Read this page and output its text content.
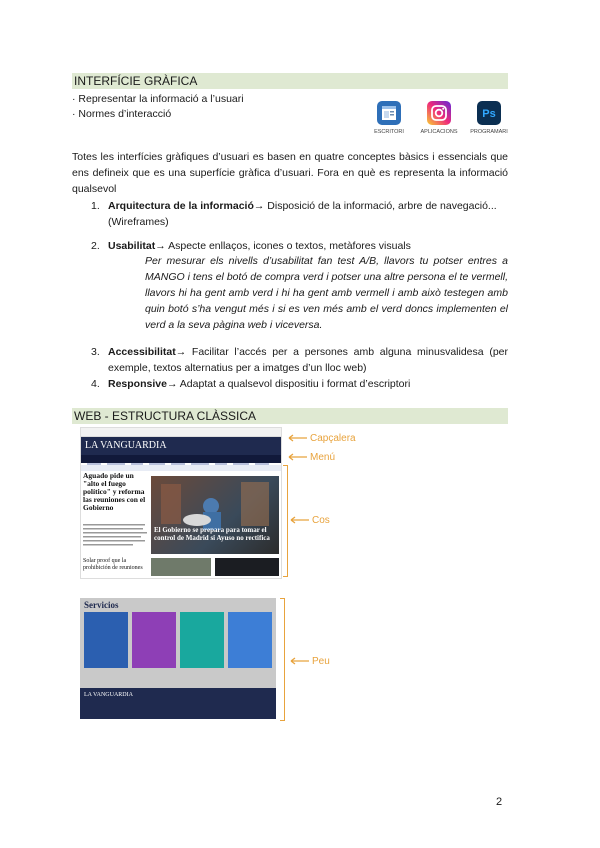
INTERFÍCIE GRÀFICA
· Representar la informació a l’usuari
· Normes d’interacció
ESCRITORI	APLICACIONS
Ps
PROGRAMARI
Totes les interfícies gràfiques d’usuari es basen en quatre conceptes bàsics i essencials que ens defineix que es una superfície gràfica d’usuari. Fora en què es representa la informació qualsevol
1. Arquitectura de la informació→ Disposició de la informació, arbre de navegació... (Wireframes)
2. Usabilitat→ Aspecte enllaços, icones o textos, metàfores visuals
Per mesurar els nivells d’usabilitat fan test A/B, llavors tu potser entres a MANGO i tens el botó de compra verd i potser una altre persona el te vermell, llavors hi ha gent amb verd i hi ha gent amb vermell i amb això testegen amb quin botó s’ha vengut més i si es ven més amb el verd doncs implementen el verd a la seva pàgina web i viceversa.
3. Accessibilitat→ Facilitar l’accés per a persones amb alguna minusvalidesa (per exemple, textos alternatius per a imatges d’un lloc web)
4. Responsive→ Adaptat a qualsevol dispositiu i format d’escriptori
WEB - ESTRUCTURA CLÀSSICA
LA VANGUARDIA
Aguado pide un "alto el fuego político" y reforma las reuniones con el Gobierno
El Gobierno se prepara para tomar el control de Madrid si Ayuso no rectifica
Solar proof que la prohibición de reuniones
Servicios
LA VANGUARDIA
Capçalera
Menú
Cos
Peu
2
